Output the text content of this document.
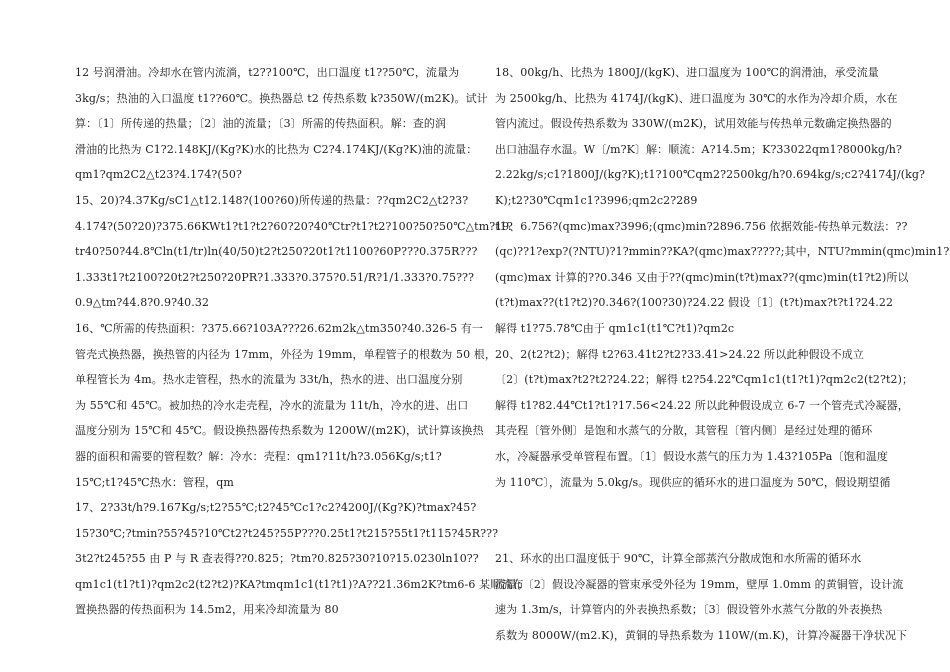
12 号润滑油。冷却水在管内流淌，t2??100℃，出口温度 t1??50℃，流量为
3kg/s；热油的入口温度 t1??60℃。换热器总 t2 传热系数 k?350W/(m2K)。试计
算：〔1〕所传递的热量；〔2〕油的流量；〔3〕所需的传热面积。解：查的润
滑油的比热为 C1?2.148KJ/(Kg?K)水的比热为 C2?4.174KJ/(Kg?K)油的流量：
qm1?qm2C2△t23?4.174?(50?
15、20)?4.37Kg/sC1△t12.148?(100?60)所传递的热量：??qm2C2△t2?3?
4.174?(50?20)?375.66KWt1?t1?t2?60?20?40℃tr?t1?t2?100?50?50℃△tm?t1?
tr40?50?44.8℃ln(t1/tr)ln(40/50)t2?t250?20t1?t1100?60P???0.375R???
1.333t1?t2100?20t2?t250?20PR?1.333?0.375?0.51/R?1/1.333?0.75???
0.9△tm?44.8?0.9?40.32
16、℃所需的传热面积：?375.66?103A???26.62m2k△tm350?40.326-5 有一
管壳式换热器，换热管的内径为 17mm，外径为 19mm，单程管子的根数为 50 根，
单程管长为 4m。热水走管程，热水的流量为 33t/h，热水的进、出口温度分别
为 55℃和 45℃。被加热的冷水走壳程，冷水的流量为 11t/h，冷水的进、出口
温度分别为 15℃和 45℃。假设换热器传热系数为 1200W/(m2K)，试计算该换热
器的面积和需要的管程数？解：冷水：壳程：qm1?11t/h?3.056Kg/s;t1?
15℃;t1?45℃热水：管程，qm
17、2?33t/h?9.167Kg/s;t2?55℃;t2?45℃c1?c2?4200J/(Kg?K)?tmax?45?
15?30℃;?tmin?55?45?10℃t2?t245?55P???0.25t1?t215?55t1?t115?45R???
3t2?t245?55 由 P 与 R 查表得??0.825；?tm?0.825?30?10?15.0230ln10??
qm1c1(t1?t1)?qm2c2(t2?t2)?KA?tmqm1c1(t1?t1)?A??21.36m2K?tm6-6 某顺流布
置换热器的传热面积为 14.5m2，用来冷却流量为 80
18、00kg/h、比热为 1800J/(kgK)、进口温度为 100℃的润滑油，承受流量
为 2500kg/h、比热为 4174J/(kgK)、进口温度为 30℃的水作为冷却介质，水在
管内流过。假设传热系数为 330W/(m2K)，试用效能与传热单元数确定换热器的
出口油温存水温。W〔/m?K〕解：顺流：A?14.5m；K?33022qm1?8000kg/h?
2.22kg/s;c1?1800J/(kg?K);t1?100℃qm2?2500kg/h?0.694kg/s;c2?4174J/(kg?
K);t2?30℃qm1c1?3996;qm2c2?289
19、6.756?(qmc)max?3996;(qmc)min?2896.756 依据效能-传热单元数法：??
(qc)??1?exp?(?NTU)?1?mmin??KA?(qmc)max?????;其中，NTU?mmin(qmc)min1?
(qmc)max 计算的??0.346 又由于??(qmc)min(t?t)max??(qmc)min(t1?t2)所以
(t?t)max??(t1?t2)?0.346?(100?30)?24.22 假设〔1〕(t?t)max?t?t1?24.22
解得 t1?75.78℃由于 qm1c1(t1℃?t1)?qm2c
20、2(t2?t2)；解得 t2?63.41t2?t2?33.41>24.22 所以此种假设不成立
〔2〕(t?t)max?t2?t2?24.22；解得 t2?54.22℃qm1c1(t1?t1)?qm2c2(t2?t2)；
解得 t1?82.44℃t1?t1?17.56<24.22 所以此种假设成立 6-7 一个管壳式冷凝器，
其壳程〔管外侧〕是饱和水蒸气的分散，其管程〔管内侧〕是经过处理的循环
水，冷凝器承受单管程布置。〔1〕假设水蒸气的压力为 1.43?105Pa〔饱和温度
为 110℃〕，流量为 5.0kg/s。现供应的循环水的进口温度为 50℃，假设期望循
21、环水的出口温度低于 90℃，计算全部蒸汽分散成饱和水所需的循环水
流量；〔2〕假设冷凝器的管束承受外径为 19mm，壁厚 1.0mm 的黄铜管，设计流
速为 1.3m/s，计算管内的外表换热系数；〔3〕假设管外水蒸气分散的外表换热
系数为 8000W/(m2.K)，黄铜的导热系数为 110W/(m.K)，计算冷凝器干净状况下
